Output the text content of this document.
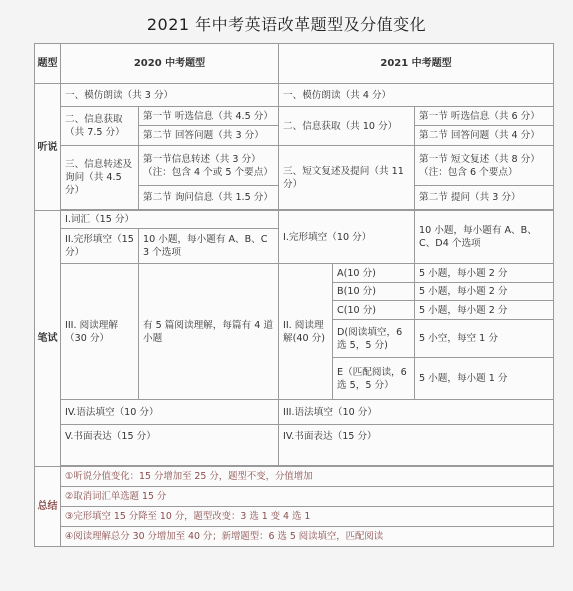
2021 年中考英语改革题型及分值变化
题型	2020 中考题型		2021 中考题型		
听说	一、模仿朗读（共 3 分）		一、模仿朗读（共 4 分）		
	二、信息获取（共 7.5 分）	第一节 听选信息（共 4.5 分）	二、信息获取（共 10 分）		第一节 听选信息（共 6 分）
		第二节 回答问题（共 3 分）			第二节 回答问题（共 4 分）
	三、信息转述及询问（共 4.5 分）	第一节信息转述（共 3 分）（注：包含 4 个或 5 个要点）	三、短文复述及提问（共 11 分）		第一节 短文复述（共 8 分）（注：包含 6 个要点）
		第二节 询问信息（共 1.5 分）			第二节 提问（共 3 分）

笔试	I.词汇（15 分）		I.完形填空（10 分）		10 小题，每小题有 A、B、C、D4 个选项
	II.完形填空（15 分）	10 小题，每小题有 A、B、C 3 个选项			
	III. 阅读理解（30 分）	有 5 篇阅读理解，每篇有 4 道小题	II. 阅读理解(40 分)	A(10 分)	5 小题，每小题 2 分
				B(10 分)	5 小题，每小题 2 分
				C(10 分)	5 小题，每小题 2 分
				D(阅读填空，6 选 5，5 分)	5 小空，每空 1 分
				E（匹配阅读，6 选 5，5 分）	5 小题，每小题 1 分
	IV.语法填空（10 分）		III.语法填空（10 分）		
	V.书面表达（15 分）		IV.书面表达（15 分）		

总结	①听说分值变化：15 分增加至 25 分，题型不变，分值增加				
	②取消词汇单选题 15 分				
	③完形填空 15 分降至 10 分，题型改变：3 选 1 变 4 选 1				
	④阅读理解总分 30 分增加至 40 分；新增题型：6 选 5 阅读填空，匹配阅读				
